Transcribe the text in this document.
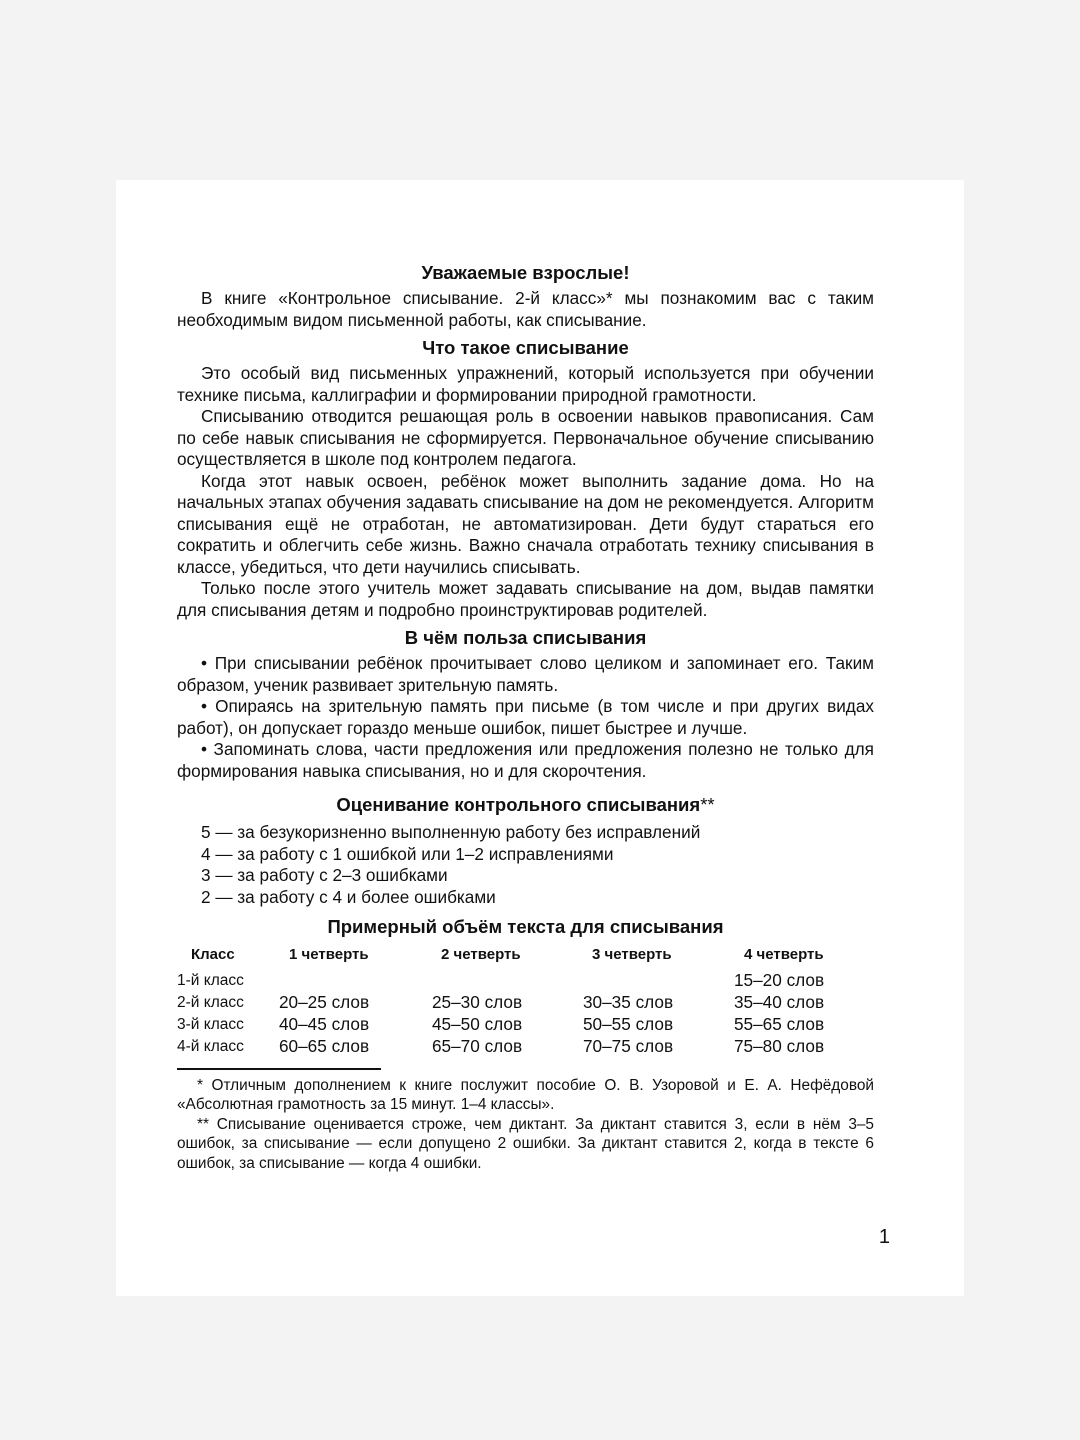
Уважаемые взрослые!

В книге «Контрольное списывание. 2-й класс»* мы познакомим вас с таким необходимым видом письменной работы, как списывание.

Что такое списывание

Это особый вид письменных упражнений, который используется при обучении технике письма, каллиграфии и формировании природной грамотности.

Списыванию отводится решающая роль в освоении навыков правописания. Сам по себе навык списывания не сформируется. Первоначальное обучение списыванию осуществляется в школе под контролем педагога.

Когда этот навык освоен, ребёнок может выполнить задание дома. Но на начальных этапах обучения задавать списывание на дом не рекомендуется. Алгоритм списывания ещё не отработан, не автоматизирован. Дети будут стараться его сократить и облегчить себе жизнь. Важно сначала отработать технику списывания в классе, убедиться, что дети научились списывать.

Только после этого учитель может задавать списывание на дом, выдав памятки для списывания детям и подробно проинструктировав родителей.

В чём польза списывания

• При списывании ребёнок прочитывает слово целиком и запоминает его. Таким образом, ученик развивает зрительную память.

• Опираясь на зрительную память при письме (в том числе и при других видах работ), он допускает гораздо меньше ошибок, пишет быстрее и лучше.

• Запоминать слова, части предложения или предложения полезно не только для формирования навыка списывания, но и для скорочтения.

Оценивание контрольного списывания**
5 — за безукоризненно выполненную работу без исправлений
4 — за работу с 1 ошибкой или 1–2 исправлениями
3 — за работу с 2–3 ошибками
2 — за работу с 4 и более ошибками
Примерный объём текста для списывания
Класс	1 четверть	2 четверть	3 четверть	4 четверть
1-й класс				15–20 слов
2-й класс	20–25 слов	25–30 слов	30–35 слов	35–40 слов
3-й класс	40–45 слов	45–50 слов	50–55 слов	55–65 слов
4-й класс	60–65 слов	65–70 слов	70–75 слов	75–80 слов

* Отличным дополнением к книге послужит пособие О. В. Узоровой и Е. А. Нефёдовой «Абсолютная грамотность за 15 минут. 1–4 классы».

** Списывание оценивается строже, чем диктант. За диктант ставится 3, если в нём 3–5 ошибок, за списывание — если допущено 2 ошибки. За диктант ставится 2, когда в тексте 6 ошибок, за списывание — когда 4 ошибки.

1
